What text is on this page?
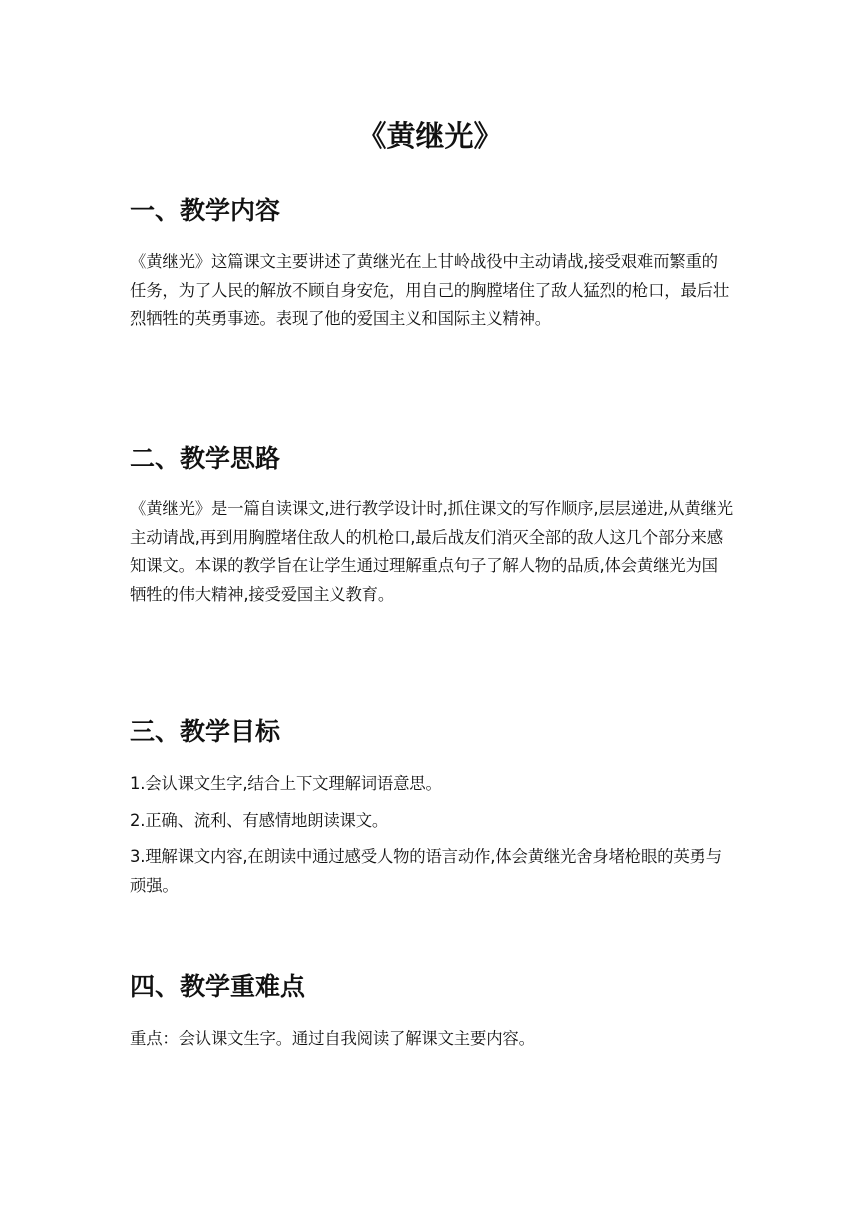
《黄继光》
一、教学内容

《黄继光》这篇课文主要讲述了黄继光在上甘岭战役中主动请战,接受艰难而繁重的任务，为了人民的解放不顾自身安危，用自己的胸膛堵住了敌人猛烈的枪口，最后壮烈牺牲的英勇事迹。表现了他的爱国主义和国际主义精神。

二、教学思路

《黄继光》是一篇自读课文,进行教学设计时,抓住课文的写作顺序,层层递进,从黄继光主动请战,再到用胸膛堵住敌人的机枪口,最后战友们消灭全部的敌人这几个部分来感知课文。本课的教学旨在让学生通过理解重点句子了解人物的品质,体会黄继光为国牺牲的伟大精神,接受爱国主义教育。

三、教学目标

1.会认课文生字,结合上下文理解词语意思。

2.正确、流利、有感情地朗读课文。

3.理解课文内容,在朗读中通过感受人物的语言动作,体会黄继光舍身堵枪眼的英勇与顽强。

四、教学重难点

重点：会认课文生字。通过自我阅读了解课文主要内容。
